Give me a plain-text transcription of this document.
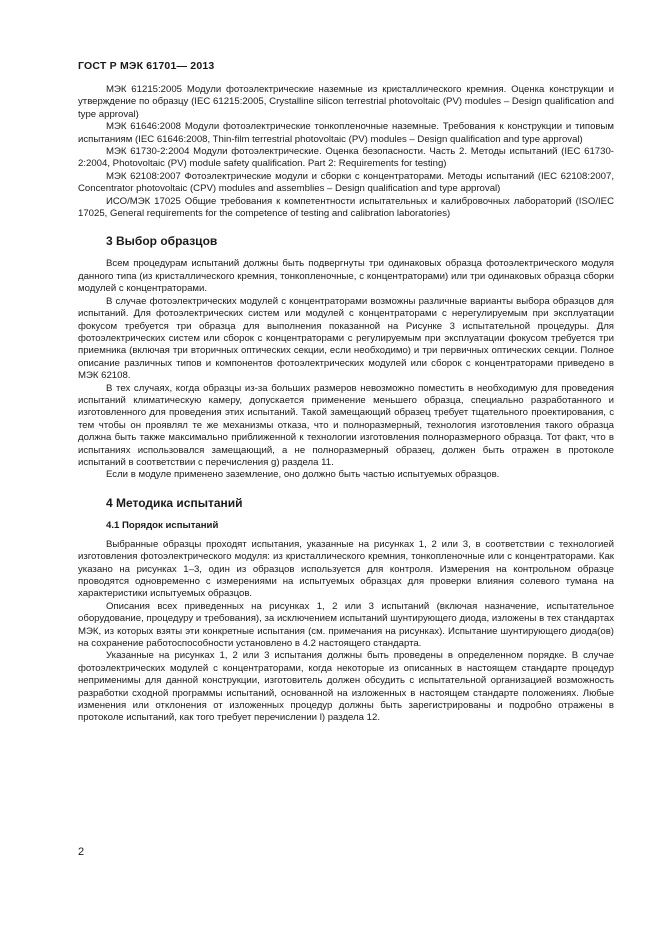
ГОСТ Р МЭК 61701— 2013

МЭК 61215:2005 Модули фотоэлектрические наземные из кристаллического кремния. Оценка конструкции и утверждение по образцу (IEC 61215:2005, Crystalline silicon terrestrial photovoltaic (PV) modules – Design qualification and type approval)

МЭК 61646:2008 Модули фотоэлектрические тонкопленочные наземные. Требования к конструкции и типовым испытаниям (IEC 61646:2008, Thin-film terrestrial photovoltaic (PV) modules – Design qualification and type approval)

МЭК 61730-2:2004 Модули фотоэлектрические. Оценка безопасности. Часть 2. Методы испытаний (IEC 61730-2:2004, Photovoltaic (PV) module safety qualification. Part 2: Requirements for testing)

МЭК 62108:2007 Фотоэлектрические модули и сборки с концентраторами. Методы испытаний (IEC 62108:2007, Concentrator photovoltaic (CPV) modules and assemblies – Design qualification and type approval)

ИСО/МЭК 17025 Общие требования к компетентности испытательных и калибровочных лабораторий (ISO/IEC 17025, General requirements for the competence of testing and calibration laboratories)

3 Выбор образцов

Всем процедурам испытаний должны быть подвергнуты три одинаковых образца фотоэлектрического модуля данного типа (из кристаллического кремния, тонкопленочные, с концентраторами) или три одинаковых образца сборки модулей с концентраторами.

В случае фотоэлектрических модулей с концентраторами возможны различные варианты выбора образцов для испытаний. Для фотоэлектрических систем или модулей с концентраторами с нерегулируемым при эксплуатации фокусом требуется три образца для выполнения показанной на Рисунке 3 испытательной процедуры. Для фотоэлектрических систем или сборок с концентраторами с регулируемым при эксплуатации фокусом требуется три приемника (включая три вторичных оптических секции, если необходимо) и три первичных оптических секции. Полное описание различных типов и компонентов фотоэлектрических модулей или сборок с концентраторами приведено в МЭК 62108.

В тех случаях, когда образцы из-за больших размеров невозможно поместить в необходимую для проведения испытаний климатическую камеру, допускается применение меньшего образца, специально разработанного и изготовленного для проведения этих испытаний. Такой замещающий образец требует тщательного проектирования, с тем чтобы он проявлял те же механизмы отказа, что и полноразмерный, технология изготовления такого образца должна быть также максимально приближенной к технологии изготовления полноразмерного образца. Тот факт, что в испытаниях использовался замещающий, а не полноразмерный образец, должен быть отражен в протоколе испытаний в соответствии с перечисления g) раздела 11.

Если в модуле применено заземление, оно должно быть частью испытуемых образцов.

4 Методика испытаний
4.1 Порядок испытаний

Выбранные образцы проходят испытания, указанные на рисунках 1, 2 или 3, в соответствии с технологией изготовления фотоэлектрического модуля: из кристаллического кремния, тонкопленочные или с концентраторами. Как указано на рисунках 1–3, один из образцов используется для контроля. Измерения на контрольном образце проводятся одновременно с измерениями на испытуемых образцах для проверки влияния солевого тумана на характеристики испытуемых образцов.

Описания всех приведенных на рисунках 1, 2 или 3 испытаний (включая назначение, испытательное оборудование, процедуру и требования), за исключением испытаний шунтирующего диода, изложены в тех стандартах МЭК, из которых взяты эти конкретные испытания (см. примечания на рисунках). Испытание шунтирующего диода(ов) на сохранение работоспособности установлено в 4.2 настоящего стандарта.

Указанные на рисунках 1, 2 или 3 испытания должны быть проведены в определенном порядке. В случае фотоэлектрических модулей с концентраторами, когда некоторые из описанных в настоящем стандарте процедур неприменимы для данной конструкции, изготовитель должен обсудить с испытательной организацией возможность разработки сходной программы испытаний, основанной на изложенных в настоящем стандарте положениях. Любые изменения или отклонения от изложенных процедур должны быть зарегистрированы и подробно отражены в протоколе испытаний, как того требует перечислении l) раздела 12.

2
